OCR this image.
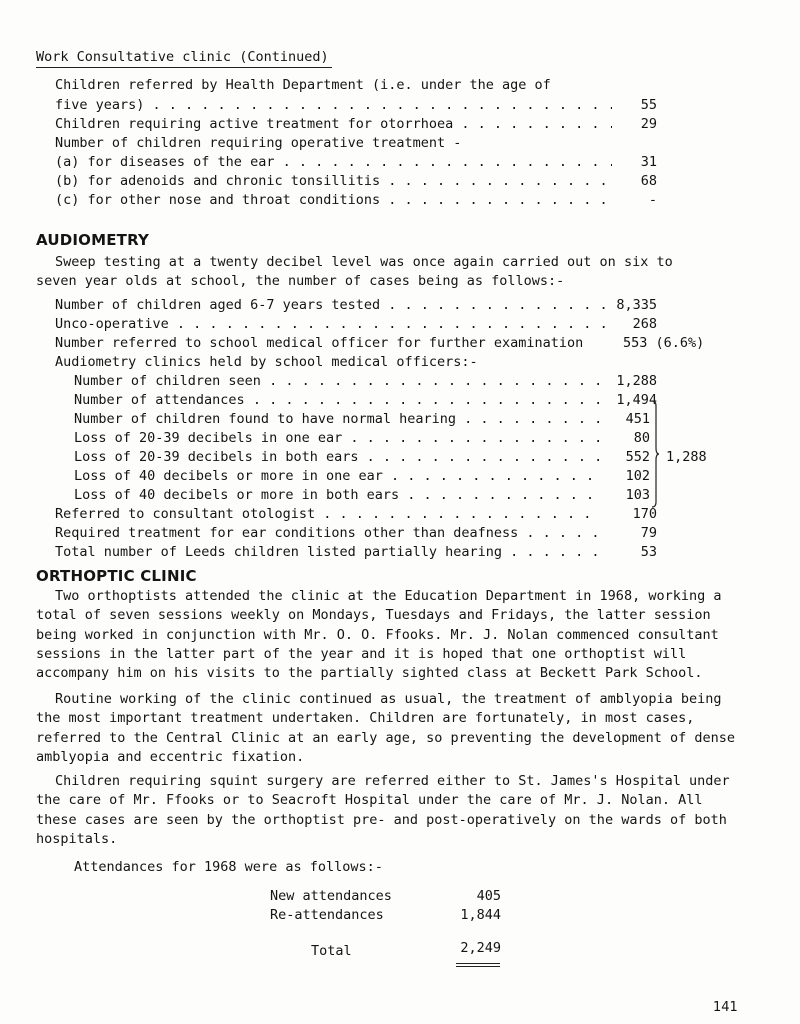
Work Consultative clinic (Continued)
Children referred by Health Department (i.e. under the age of
five years) . . .	55
Children requiring active treatment for otorrhoea . . .	29
Number of children requiring operative treatment -
(a) for diseases of the ear . . .	31
(b) for adenoids and chronic tonsillitis . . .	68
(c) for other nose and throat conditions . . .	-
AUDIOMETRY
Sweep testing at a twenty decibel level was once again carried out on six to
seven year olds at school, the number of cases being as follows:-
Number of children aged 6-7 years tested . . .	8,335
Unco-operative . . .	268
Number referred to school medical officer for further examination	553 (6.6%)
Audiometry clinics held by school medical officers:-
Number of children seen . . .	1,288
Number of attendances . . .	1,494
Number of children found to have normal hearing . . .	451
Loss of 20-39 decibels in one ear . . .	80
Loss of 20-39 decibels in both ears . . .	552
Loss of 40 decibels or more in one ear . . .	102
Loss of 40 decibels or more in both ears . . .	103
1,288
Referred to consultant otologist . . .	170
Required treatment for ear conditions other than deafness . . .	79
Total number of Leeds children listed partially hearing . . .	53
ORTHOPTIC CLINIC
Two orthoptists attended the clinic at the Education Department in 1968, working a total of seven sessions weekly on Mondays, Tuesdays and Fridays, the latter session being worked in conjunction with Mr. O. O. Ffooks. Mr. J. Nolan commenced consultant sessions in the latter part of the year and it is hoped that one orthoptist will accompany him on his visits to the partially sighted class at Beckett Park School.
Routine working of the clinic continued as usual, the treatment of amblyopia being the most important treatment undertaken. Children are fortunately, in most cases, referred to the Central Clinic at an early age, so preventing the development of dense amblyopia and eccentric fixation.
Children requiring squint surgery are referred either to St. James's Hospital under the care of Mr. Ffooks or to Seacroft Hospital under the care of Mr. J. Nolan. All these cases are seen by the orthoptist pre- and post-operatively on the wards of both hospitals.
Attendances for 1968 were as follows:-
New attendances	405
Re-attendances	1,844
Total	2,249
141
